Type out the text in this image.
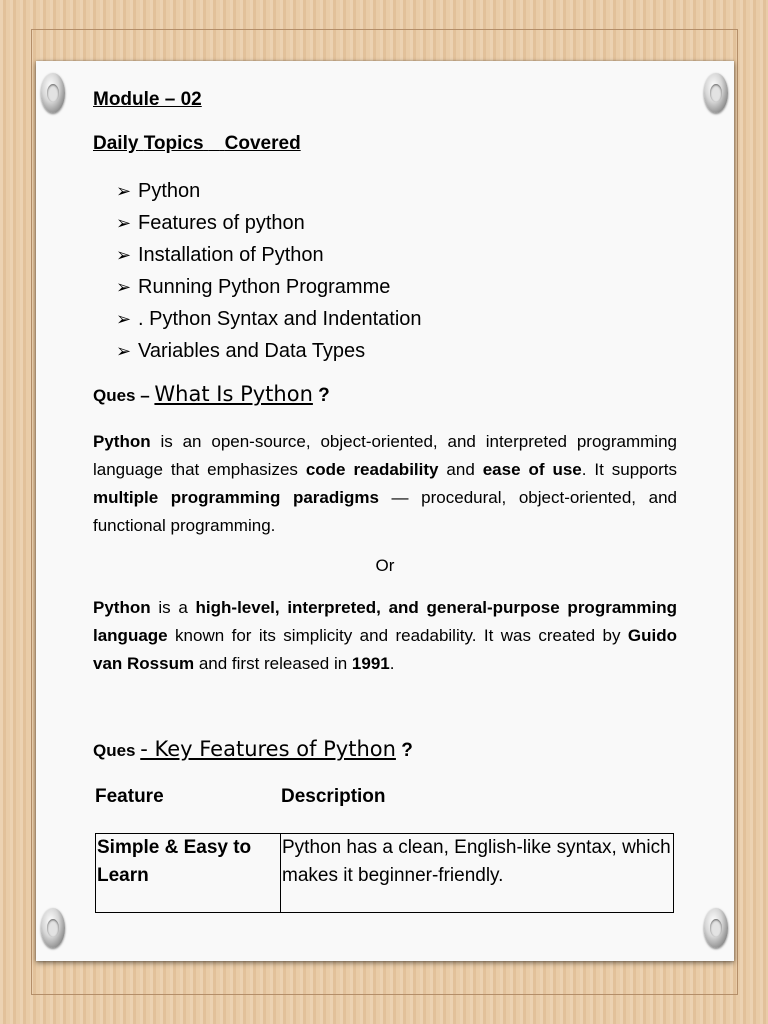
Module – 02
Daily Topics Covered
➢ Python
➢ Features of python
➢ Installation of Python
➢ Running Python Programme
➢ . Python Syntax and Indentation
➢ Variables and Data Types
Ques – What Is Python ?

Python is an open-source, object-oriented, and interpreted programming language that emphasizes code readability and ease of use. It supports multiple programming paradigms — procedural, object-oriented, and functional programming.

Or

Python is a high-level, interpreted, and general-purpose programming language known for its simplicity and readability. It was created by Guido van Rossum and first released in 1991.

Ques - Key Features of Python ?
Feature	Description
Simple & Easy to Learn	Python has a clean, English-like syntax, which makes it beginner-friendly.
